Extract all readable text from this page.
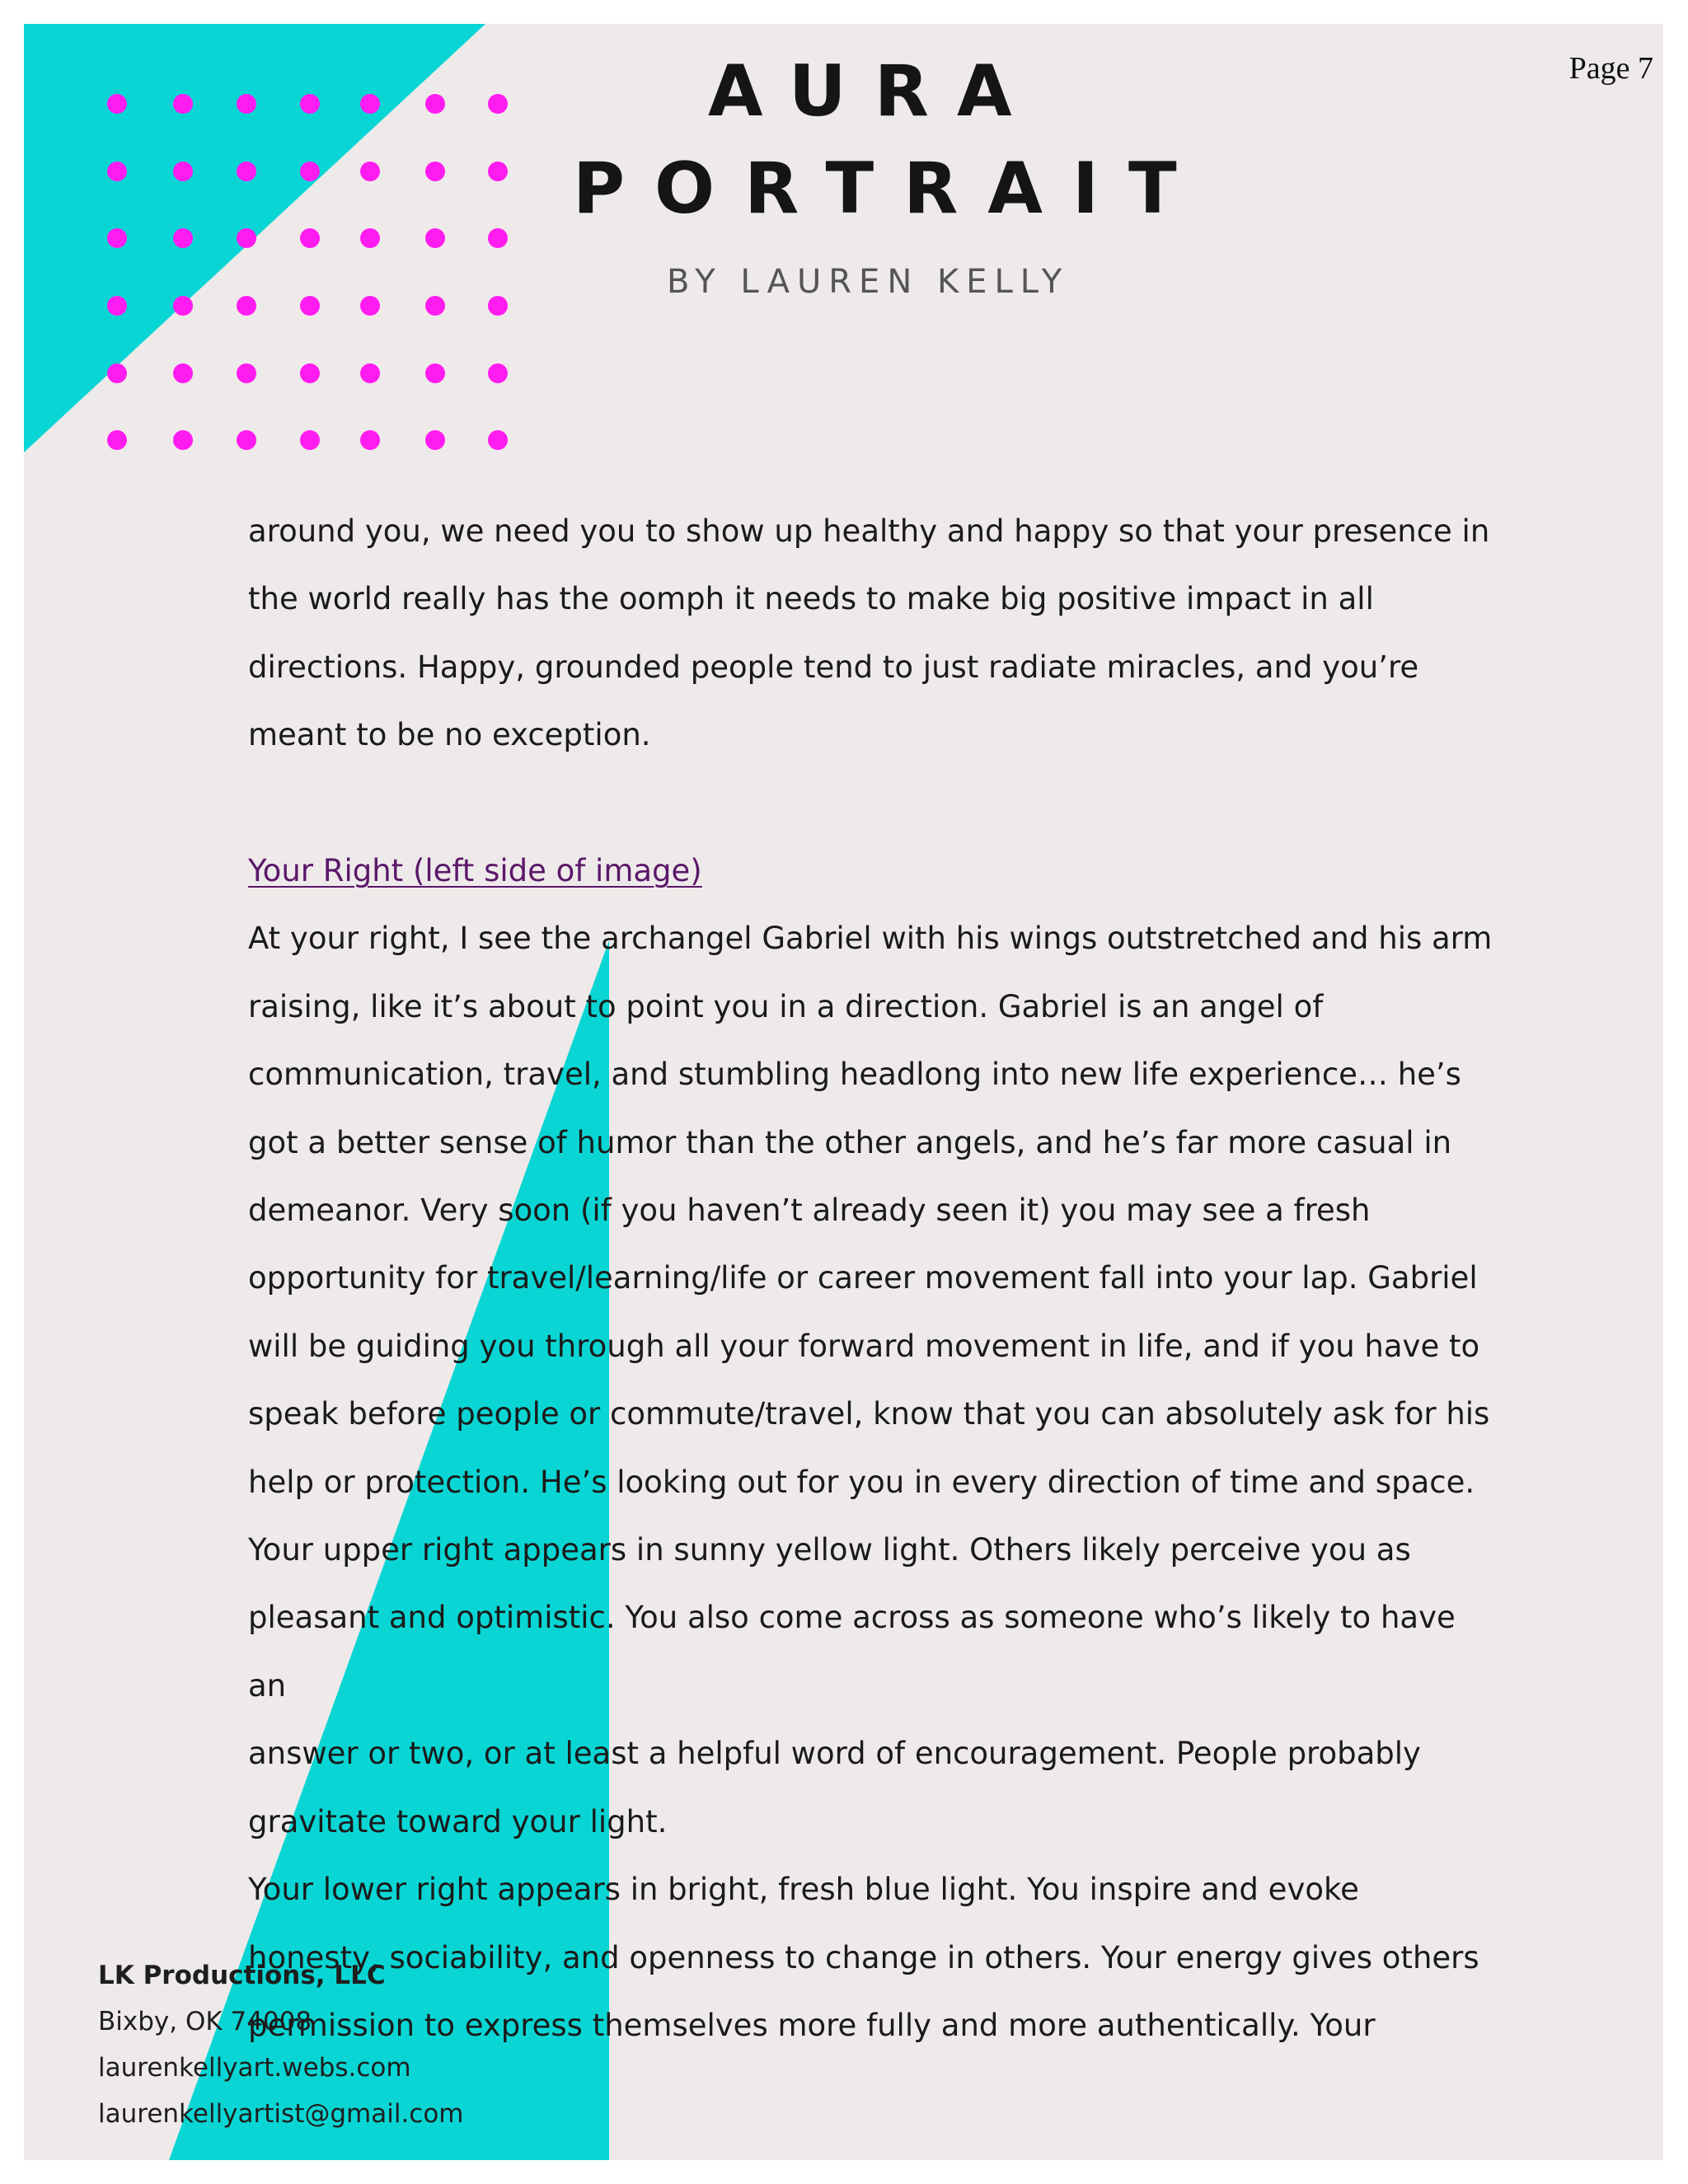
AURA
PORTRAIT
BY LAUREN KELLY
Page 7

around you, we need you to show up healthy and happy so that your presence in

the world really has the oomph it needs to make big positive impact in all

directions. Happy, grounded people tend to just radiate miracles, and you’re

meant to be no exception.

Your Right (left side of image)

At your right, I see the archangel Gabriel with his wings outstretched and his arm

raising, like it’s about to point you in a direction. Gabriel is an angel of

communication, travel, and stumbling headlong into new life experience… he’s

got a better sense of humor than the other angels, and he’s far more casual in

demeanor. Very soon (if you haven’t already seen it) you may see a fresh

opportunity for travel/learning/life or career movement fall into your lap. Gabriel

will be guiding you through all your forward movement in life, and if you have to

speak before people or commute/travel, know that you can absolutely ask for his

help or protection. He’s looking out for you in every direction of time and space.

Your upper right appears in sunny yellow light. Others likely perceive you as

pleasant and optimistic. You also come across as someone who’s likely to have an

answer or two, or at least a helpful word of encouragement. People probably

gravitate toward your light.

Your lower right appears in bright, fresh blue light. You inspire and evoke

honesty, sociability, and openness to change in others. Your energy gives others

permission to express themselves more fully and more authentically. Your

LK Productions, LLC
Bixby, OK 74008
laurenkellyart.webs.com
laurenkellyartist@gmail.com
